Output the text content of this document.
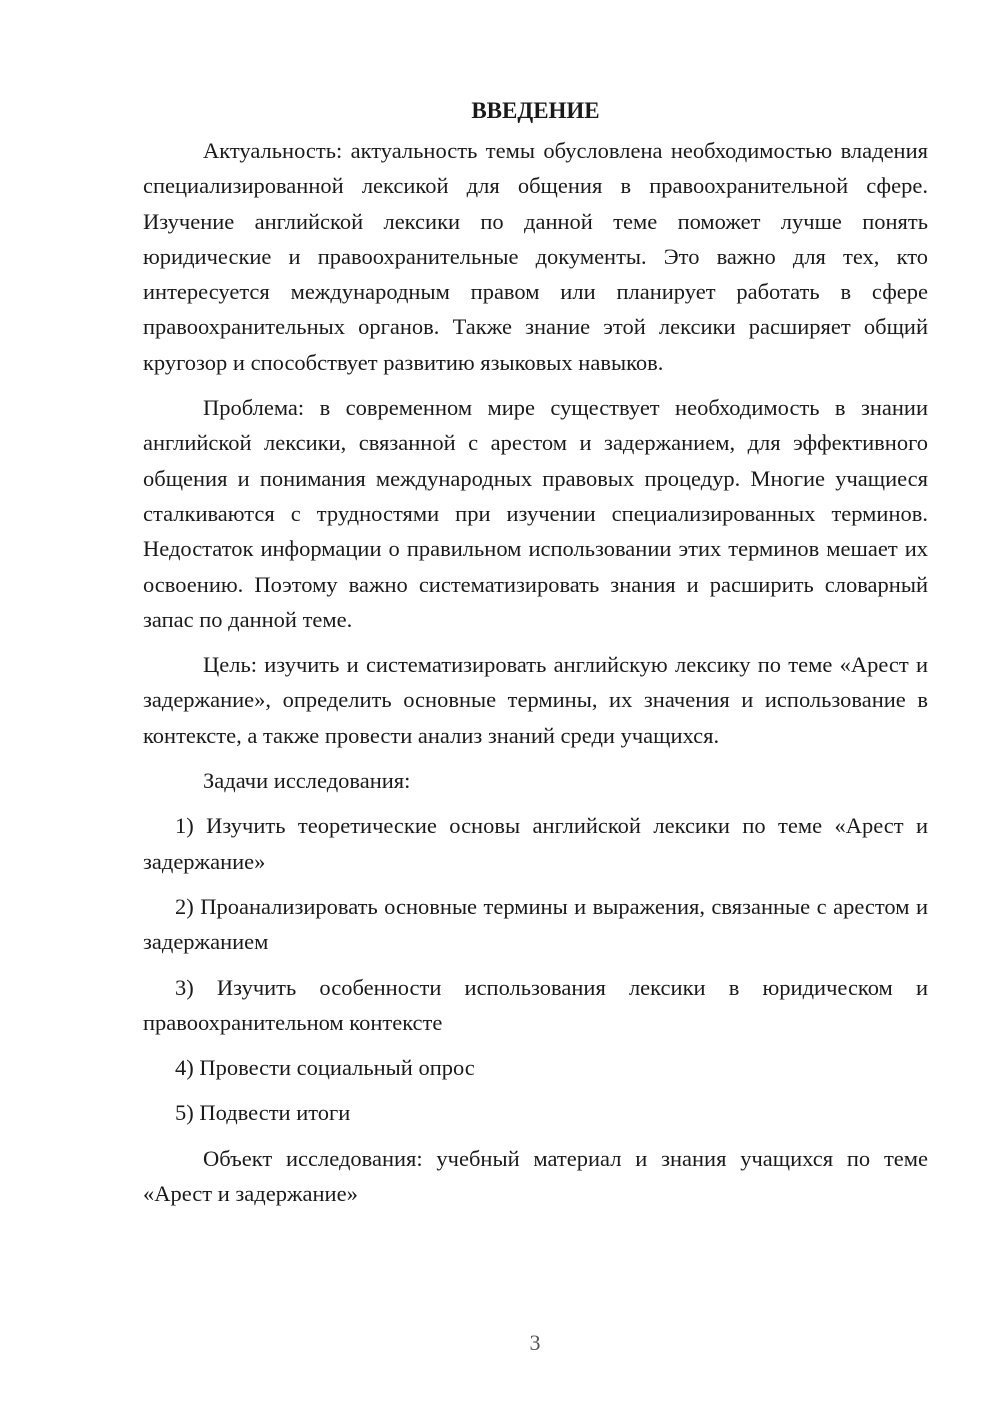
ВВЕДЕНИЕ

Актуальность: актуальность темы обусловлена необходимостью владения специализированной лексикой для общения в правоохранительной сфере. Изучение английской лексики по данной теме поможет лучше понять юридические и правоохранительные документы. Это важно для тех, кто интересуется международным правом или планирует работать в сфере правоохранительных органов. Также знание этой лексики расширяет общий кругозор и способствует развитию языковых навыков.

Проблема: в современном мире существует необходимость в знании английской лексики, связанной с арестом и задержанием, для эффективного общения и понимания международных правовых процедур. Многие учащиеся сталкиваются с трудностями при изучении специализированных терминов. Недостаток информации о правильном использовании этих терминов мешает их освоению. Поэтому важно систематизировать знания и расширить словарный запас по данной теме.

Цель: изучить и систематизировать английскую лексику по теме «Арест и задержание», определить основные термины, их значения и использование в контексте, а также провести анализ знаний среди учащихся.

Задачи исследования:

1) Изучить теоретические основы английской лексики по теме «Арест и задержание»

2) Проанализировать основные термины и выражения, связанные с арестом и задержанием

3) Изучить особенности использования лексики в юридическом и правоохранительном контексте

4) Провести социальный опрос

5) Подвести итоги

Объект исследования: учебный материал и знания учащихся по теме «Арест и задержание»

3
